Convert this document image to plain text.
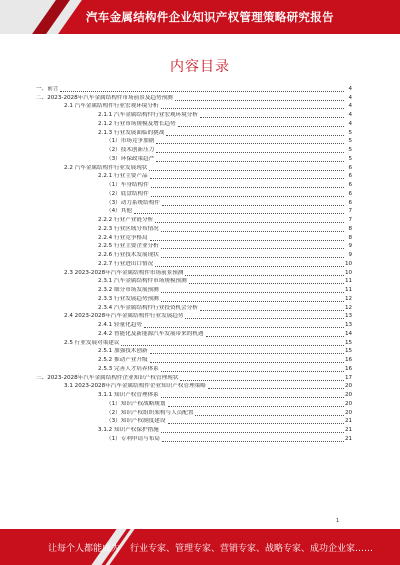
汽车金属结构件企业知识产权管理策略研究报告
内容目录
一、前言	4
二、2023-2028年汽车金属结构件市场前景及趋势预测	4
2.1 汽车金属结构件行业宏观环境分析	4
2.1.1 汽车金属结构件行业宏观环境分析	4
2.1.2 行业市场规模及增长趋势	4
2.1.3 行业发展面临的挑战	5
（1）市场竞争加剧	5
（2）技术创新压力	5
（3）环保政策趋严	5
2.2 汽车金属结构件行业发展现状	6
2.2.1 行业主要产品	6
（1）车身结构件	6
（2）底盘结构件	6
（3）动力系统结构件	6
（4）其他	7
2.2.2 行业产业链分析	7
2.2.3 行业区域分布情况	8
2.2.4 行业竞争格局	8
2.2.5 行业主要企业分析	9
2.2.6 行业技术发展现状	9
2.2.7 行业进出口情况	10
2.3 2023-2028年汽车金属结构件市场前景预测	10
2.3.1 汽车金属结构件市场规模预测	11
2.3.2 细分市场发展预测	11
2.3.3 行业发展趋势预测	12
2.3.4 汽车金属结构件行业投资机会分析	12
2.4 2023-2028年汽车金属结构件行业发展趋势	13
2.4.1 轻量化趋势	13
2.4.2 智能化及新能源汽车发展带来的机遇	14
2.5 行业发展对策建议	15
2.5.1 加强技术创新	15
2.5.2 推动产业升级	16
2.5.3 完善人才培养体系	16
三、2023-2028年汽车金属结构件企业知识产权管理现状	17
3.1 2023-2028年汽车金属结构件企业知识产权管理策略	20
3.1.1 知识产权管理体系	20
（1）知识产权战略规划	20
（2）知识产权组织架构与人员配置	20
（3）知识产权制度建设	21
3.1.2 知识产权保护措施	21
（1）专利申请与布局	21
1
让每个人都能成为 行业专家、管理专家、营销专家、战略专家、成功企业家……
